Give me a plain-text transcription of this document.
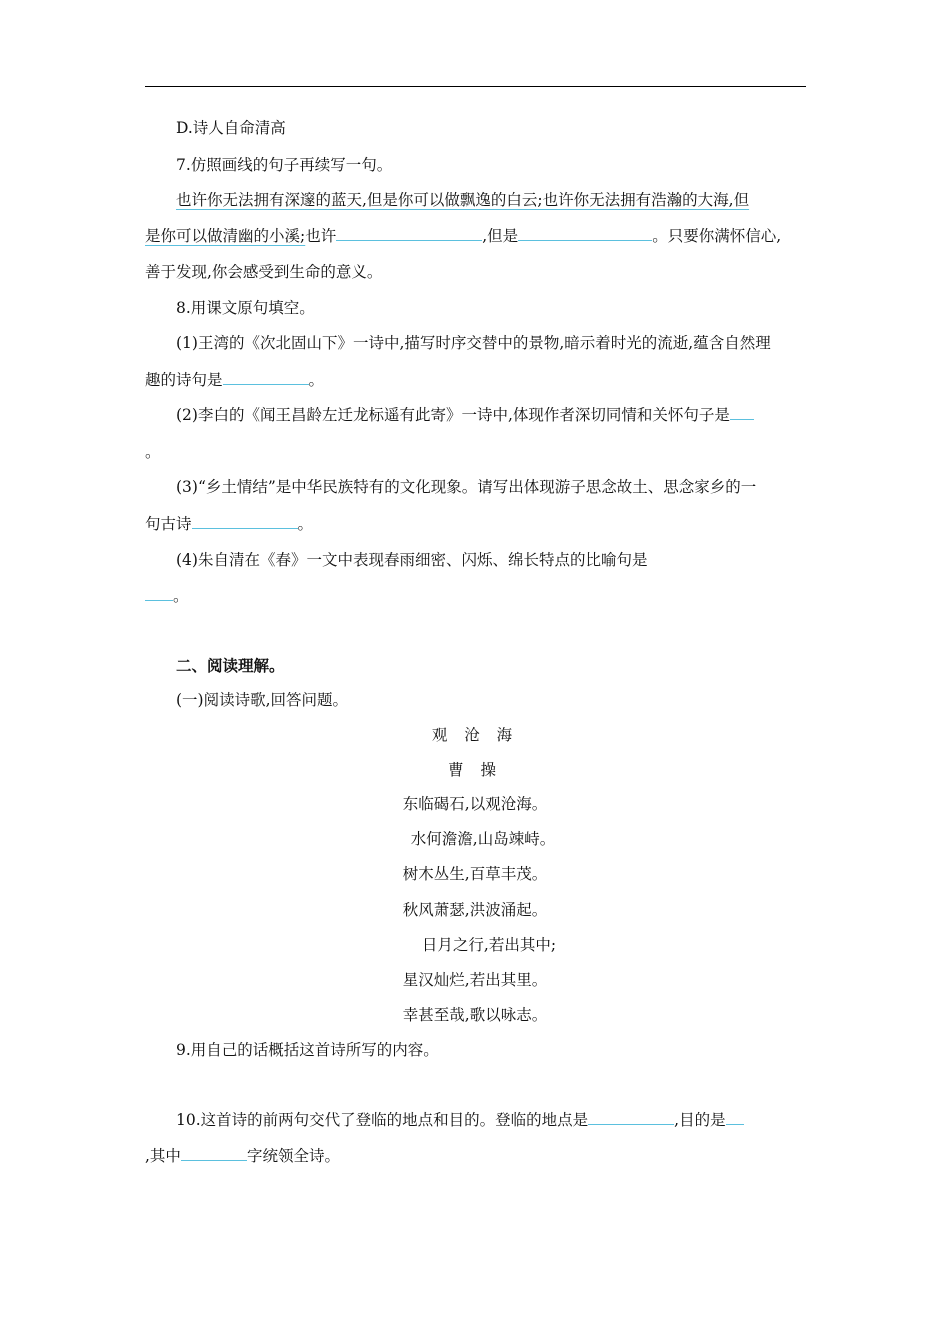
D.诗人自命清高
7.仿照画线的句子再续写一句。
也许你无法拥有深邃的蓝天,但是你可以做飘逸的白云;也许你无法拥有浩瀚的大海,但
是你可以做清幽的小溪;也许	,但是	。只要你满怀信心,
善于发现,你会感受到生命的意义。
8.用课文原句填空。
(1)王湾的《次北固山下》一诗中,描写时序交替中的景物,暗示着时光的流逝,蕴含自然理
趣的诗句是	。
(2)李白的《闻王昌龄左迁龙标遥有此寄》一诗中,体现作者深切同情和关怀句子是
。
(3)“乡土情结”是中华民族特有的文化现象。请写出体现游子思念故土、思念家乡的一
句古诗	。
(4)朱自清在《春》一文中表现春雨细密、闪烁、绵长特点的比喻句是
。
二、阅读理解。
(一)阅读诗歌,回答问题。
观 沧 海
曹 操
东临碣石,以观沧海。
水何澹澹,山岛竦峙。
树木丛生,百草丰茂。
秋风萧瑟,洪波涌起。
日月之行,若出其中;
星汉灿烂,若出其里。
幸甚至哉,歌以咏志。
9.用自己的话概括这首诗所写的内容。
10.这首诗的前两句交代了登临的地点和目的。登临的地点是	,目的是
,其中	字统领全诗。
